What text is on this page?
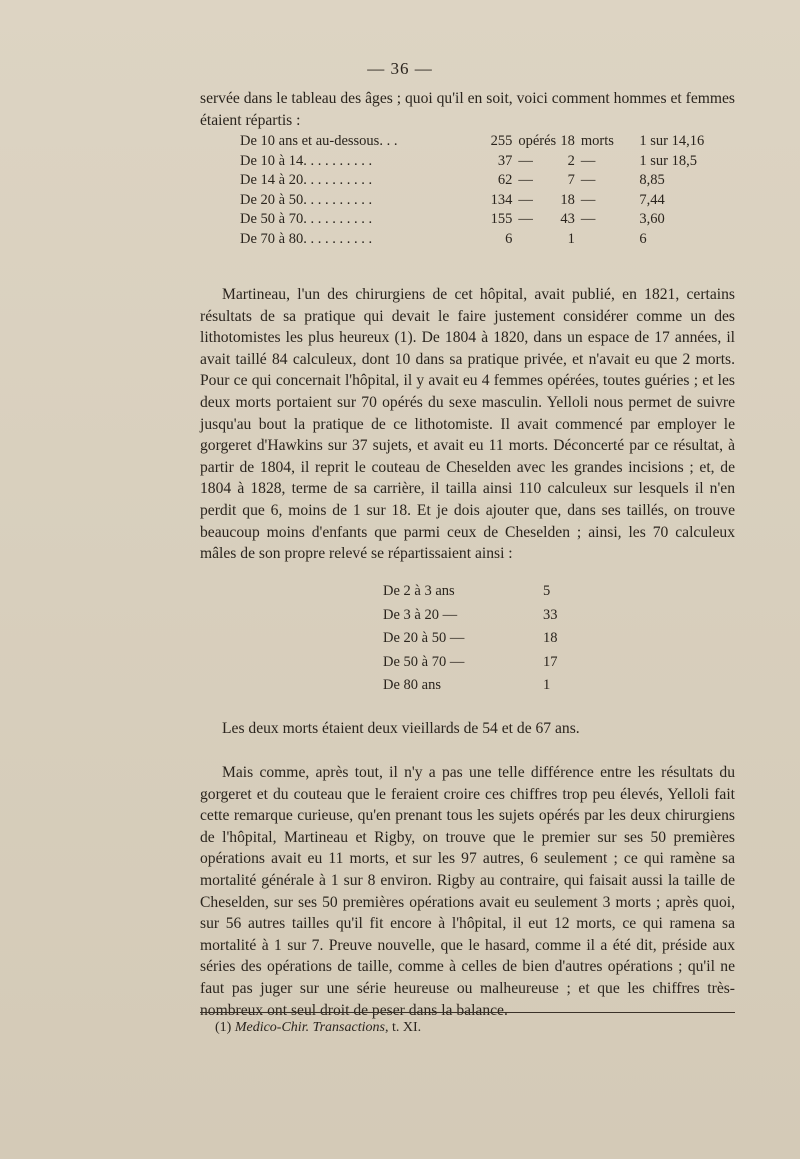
— 36 —

servée dans le tableau des âges ; quoi qu'il en soit, voici comment hommes et femmes étaient répartis :

De 10 ans et au-dessous. . .	255	opérés	18	morts	1 sur 14,16
De 10 à 14. . . . . . . . . .	37	—	2	—	1 sur 18,5
De 14 à 20. . . . . . . . . .	62	—	7	—	8,85
De 20 à 50. . . . . . . . . .	134	—	18	—	7,44
De 50 à 70. . . . . . . . . .	155	—	43	—	3,60
De 70 à 80. . . . . . . . . .	6		1		6

Martineau, l'un des chirurgiens de cet hôpital, avait publié, en 1821, certains résultats de sa pratique qui devait le faire justement considérer comme un des lithotomistes les plus heureux (1). De 1804 à 1820, dans un espace de 17 années, il avait taillé 84 calculeux, dont 10 dans sa pratique privée, et n'avait eu que 2 morts. Pour ce qui concernait l'hôpital, il y avait eu 4 femmes opérées, toutes guéries ; et les deux morts portaient sur 70 opérés du sexe masculin. Yelloli nous permet de suivre jusqu'au bout la pratique de ce lithotomiste. Il avait commencé par employer le gorgeret d'Hawkins sur 37 sujets, et avait eu 11 morts. Déconcerté par ce résultat, à partir de 1804, il reprit le couteau de Cheselden avec les grandes incisions ; et, de 1804 à 1828, terme de sa carrière, il tailla ainsi 110 calculeux sur lesquels il n'en perdit que 6, moins de 1 sur 18. Et je dois ajouter que, dans ses taillés, on trouve beaucoup moins d'enfants que parmi ceux de Cheselden ; ainsi, les 70 calculeux mâles de son propre relevé se répartissaient ainsi :

De 2 à 3 ans	5
De 3 à 20 —	33
De 20 à 50 —	18
De 50 à 70 —	17
De 80 ans	1

Les deux morts étaient deux vieillards de 54 et de 67 ans.

Mais comme, après tout, il n'y a pas une telle différence entre les résultats du gorgeret et du couteau que le feraient croire ces chiffres trop peu élevés, Yelloli fait cette remarque curieuse, qu'en prenant tous les sujets opérés par les deux chirurgiens de l'hôpital, Martineau et Rigby, on trouve que le premier sur ses 50 premières opérations avait eu 11 morts, et sur les 97 autres, 6 seulement ; ce qui ramène sa mortalité générale à 1 sur 8 environ. Rigby au contraire, qui faisait aussi la taille de Cheselden, sur ses 50 premières opérations avait eu seulement 3 morts ; après quoi, sur 56 autres tailles qu'il fit encore à l'hôpital, il eut 12 morts, ce qui ramena sa mortalité à 1 sur 7. Preuve nouvelle, que le hasard, comme il a été dit, préside aux séries des opérations de taille, comme à celles de bien d'autres opérations ; qu'il ne faut pas juger sur une série heureuse ou malheureuse ; et que les chiffres très-nombreux ont seul droit de peser dans la balance.

(1) Medico-Chir. Transactions, t. XI.
